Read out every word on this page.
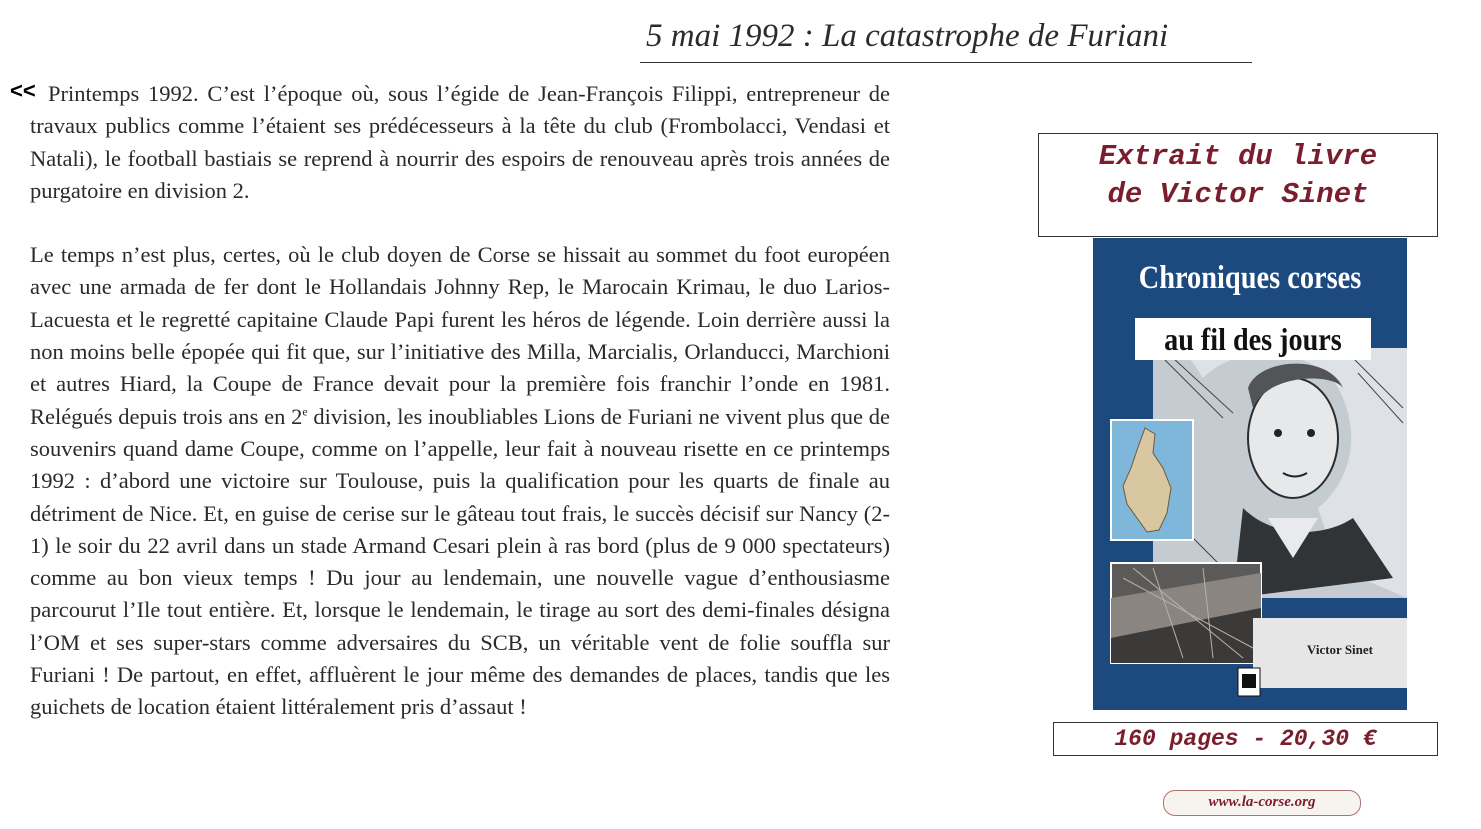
5 mai 1992 : La catastrophe de Furiani
<< Printemps 1992. C’est l’époque où, sous l’égide de Jean-François Filippi, entrepreneur de travaux publics comme l’étaient ses prédécesseurs à la tête du club (Frombolacci, Vendasi et Natali), le football bastiais se reprend à nourrir des espoirs de renouveau après trois années de purgatoire en division 2.

Le temps n’est plus, certes, où le club doyen de Corse se hissait au sommet du foot européen avec une armada de fer dont le Hollandais Johnny Rep, le Marocain Krimau, le duo Larios-Lacuesta et le regretté capitaine Claude Papi furent les héros de légende. Loin derrière aussi la non moins belle épopée qui fit que, sur l’initiative des Milla, Marcialis, Orlanducci, Marchioni et autres Hiard, la Coupe de France devait pour la première fois franchir l’onde en 1981. Relégués depuis trois ans en 2e division, les inoubliables Lions de Furiani ne vivent plus que de souvenirs quand dame Coupe, comme on l’appelle, leur fait à nouveau risette en ce printemps 1992 : d’abord une victoire sur Toulouse, puis la qualification pour les quarts de finale au détriment de Nice. Et, en guise de cerise sur le gâteau tout frais, le succès décisif sur Nancy (2-1) le soir du 22 avril dans un stade Armand Cesari plein à ras bord (plus de 9 000 spectateurs) comme au bon vieux temps ! Du jour au lendemain, une nouvelle vague d’enthousiasme parcourut l’Ile tout entière. Et, lorsque le lendemain, le tirage au sort des demi-finales désigna l’OM et ses super-stars comme adversaires du SCB, un véritable vent de folie souffla sur Furiani ! De partout, en effet, affluèrent le jour même des demandes de places, tandis que les guichets de location étaient littéralement pris d’assaut !

Extrait du livre
de Victor Sinet
Chroniques corses
au fil des jours
Victor Sinet
160 pages - 20,30 €
www.la-corse.org
